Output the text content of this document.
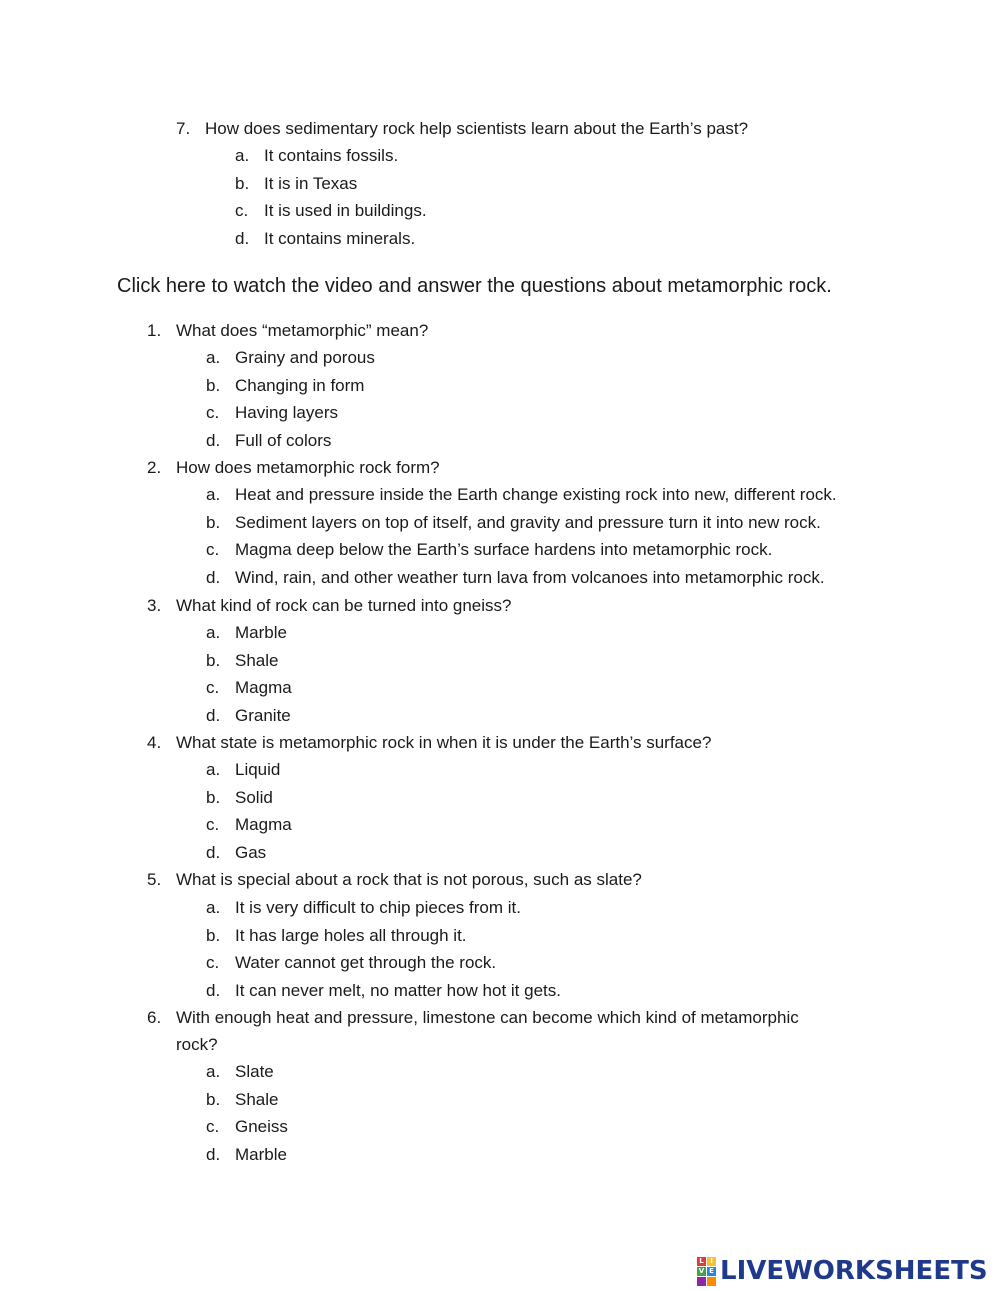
7. How does sedimentary rock help scientists learn about the Earth’s past?
a. It contains fossils.
b. It is in Texas
c. It is used in buildings.
d. It contains minerals.
Click here to watch the video and answer the questions about metamorphic rock.
1. What does “metamorphic” mean?
a. Grainy and porous
b. Changing in form
c. Having layers
d. Full of colors
2. How does metamorphic rock form?
a. Heat and pressure inside the Earth change existing rock into new, different rock.
b. Sediment layers on top of itself, and gravity and pressure turn it into new rock.
c. Magma deep below the Earth’s surface hardens into metamorphic rock.
d. Wind, rain, and other weather turn lava from volcanoes into metamorphic rock.
3. What kind of rock can be turned into gneiss?
a. Marble
b. Shale
c. Magma
d. Granite
4. What state is metamorphic rock in when it is under the Earth’s surface?
a. Liquid
b. Solid
c. Magma
d. Gas
5. What is special about a rock that is not porous, such as slate?
a. It is very difficult to chip pieces from it.
b. It has large holes all through it.
c. Water cannot get through the rock.
d. It can never melt, no matter how hot it gets.
6. With enough heat and pressure, limestone can become which kind of metamorphic
rock?
a. Slate
b. Shale
c. Gneiss
d. Marble
L I
V E LIVEWORKSHEETS
